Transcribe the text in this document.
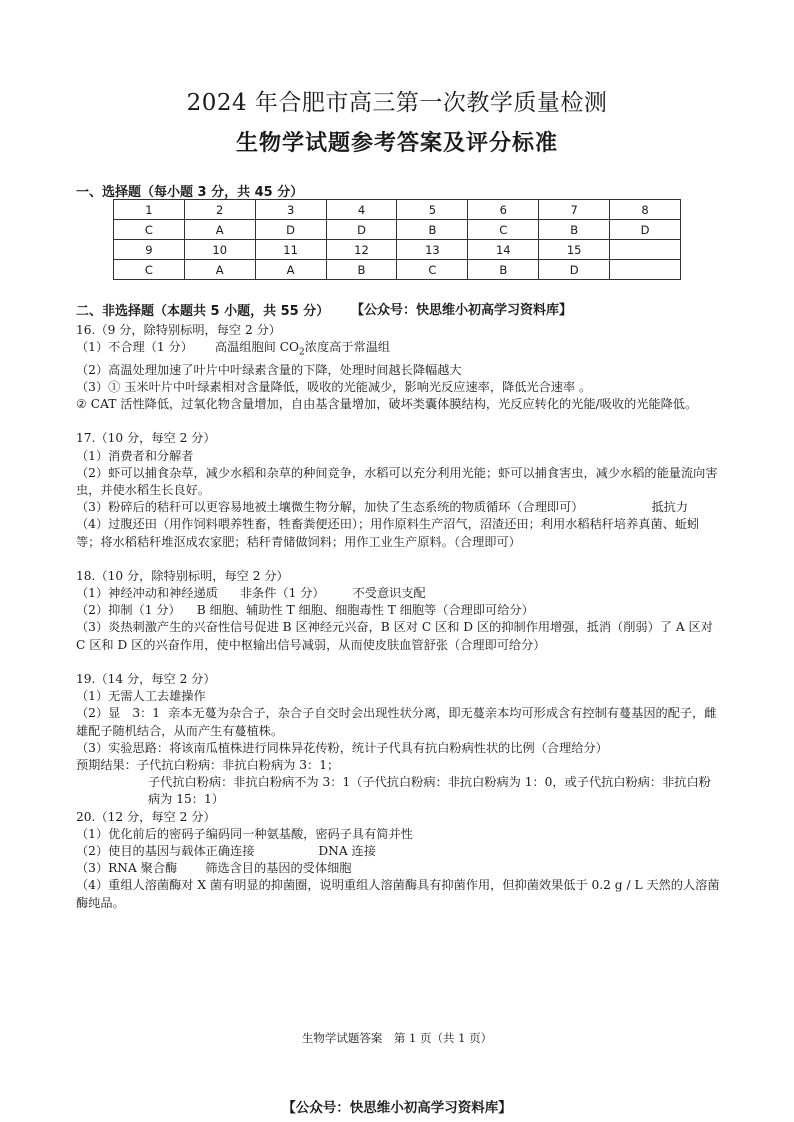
2024 年合肥市高三第一次教学质量检测
生物学试题参考答案及评分标准
一、选择题（每小题 3 分，共 45 分）
1	2	3	4	5	6	7	8
C	A	D	D	B	C	B	D
9	10	11	12	13	14	15	
C	A	A	B	C	B	D	
二、非选择题（本题共 5 小题，共 55 分） 【公众号：快思维小初高学习资料库】

16.（9 分，除特别标明，每空 2 分）

（1）不合理（1 分） 高温组胞间 $CO_2$浓度高于常温组

（2）高温处理加速了叶片中叶绿素含量的下降，处理时间越长降幅越大

（3）① 玉米叶片中叶绿素相对含量降低，吸收的光能减少，影响光反应速率，降低光合速率 。

② CAT 活性降低，过氧化物含量增加，自由基含量增加，破坏类囊体膜结构，光反应转化的光能/吸收的光能降低。

17.（10 分，每空 2 分）

（1）消费者和分解者

（2）虾可以捕食杂草，减少水稻和杂草的种间竞争，水稻可以充分利用光能；虾可以捕食害虫，减少水稻的能量流向害虫，并使水稻生长良好。

（3）粉碎后的秸秆可以更容易地被土壤微生物分解，加快了生态系统的物质循环（合理即可）	抵抗力

（4）过腹还田（用作饲料喂养牲畜，牲畜粪便还田）；用作原料生产沼气，沼渣还田；利用水稻秸秆培养真菌、蚯蚓等；将水稻秸秆堆沤成农家肥；秸秆青储做饲料；用作工业生产原料。（合理即可）

18.（10 分，除特别标明，每空 2 分）

（1）神经冲动和神经递质 非条件（1 分） 不受意识支配

（2）抑制（1 分） B 细胞、辅助性 T 细胞、细胞毒性 T 细胞等（合理即可给分）

（3）炎热刺激产生的兴奋性信号促进 B 区神经元兴奋，B 区对 C 区和 D 区的抑制作用增强，抵消（削弱）了 A 区对 C 区和 D 区的兴奋作用，使中枢输出信号减弱，从而使皮肤血管舒张（合理即可给分）

19.（14 分，每空 2 分）

（1）无需人工去雄操作

（2）显 3：1 亲本无蔓为杂合子，杂合子自交时会出现性状分离，即无蔓亲本均可形成含有控制有蔓基因的配子，雌雄配子随机结合，从而产生有蔓植株。

（3）实验思路：将该南瓜植株进行同株异花传粉，统计子代具有抗白粉病性状的比例（合理给分）

预期结果：子代抗白粉病：非抗白粉病为 3：1；

子代抗白粉病：非抗白粉病不为 3：1（子代抗白粉病：非抗白粉病为 1：0，或子代抗白粉病：非抗白粉病为 15：1）

20.（12 分，每空 2 分）

（1）优化前后的密码子编码同一种氨基酸，密码子具有简并性

（2）使目的基因与载体正确连接	DNA 连接

（3）RNA 聚合酶 筛选含目的基因的受体细胞

（4）重组人溶菌酶对 X 菌有明显的抑菌圈，说明重组人溶菌酶具有抑菌作用，但抑菌效果低于 0.2 g / L 天然的人溶菌酶纯品。

生物学试题答案　第 1 页（共 1 页）
【公众号：快思维小初高学习资料库】
